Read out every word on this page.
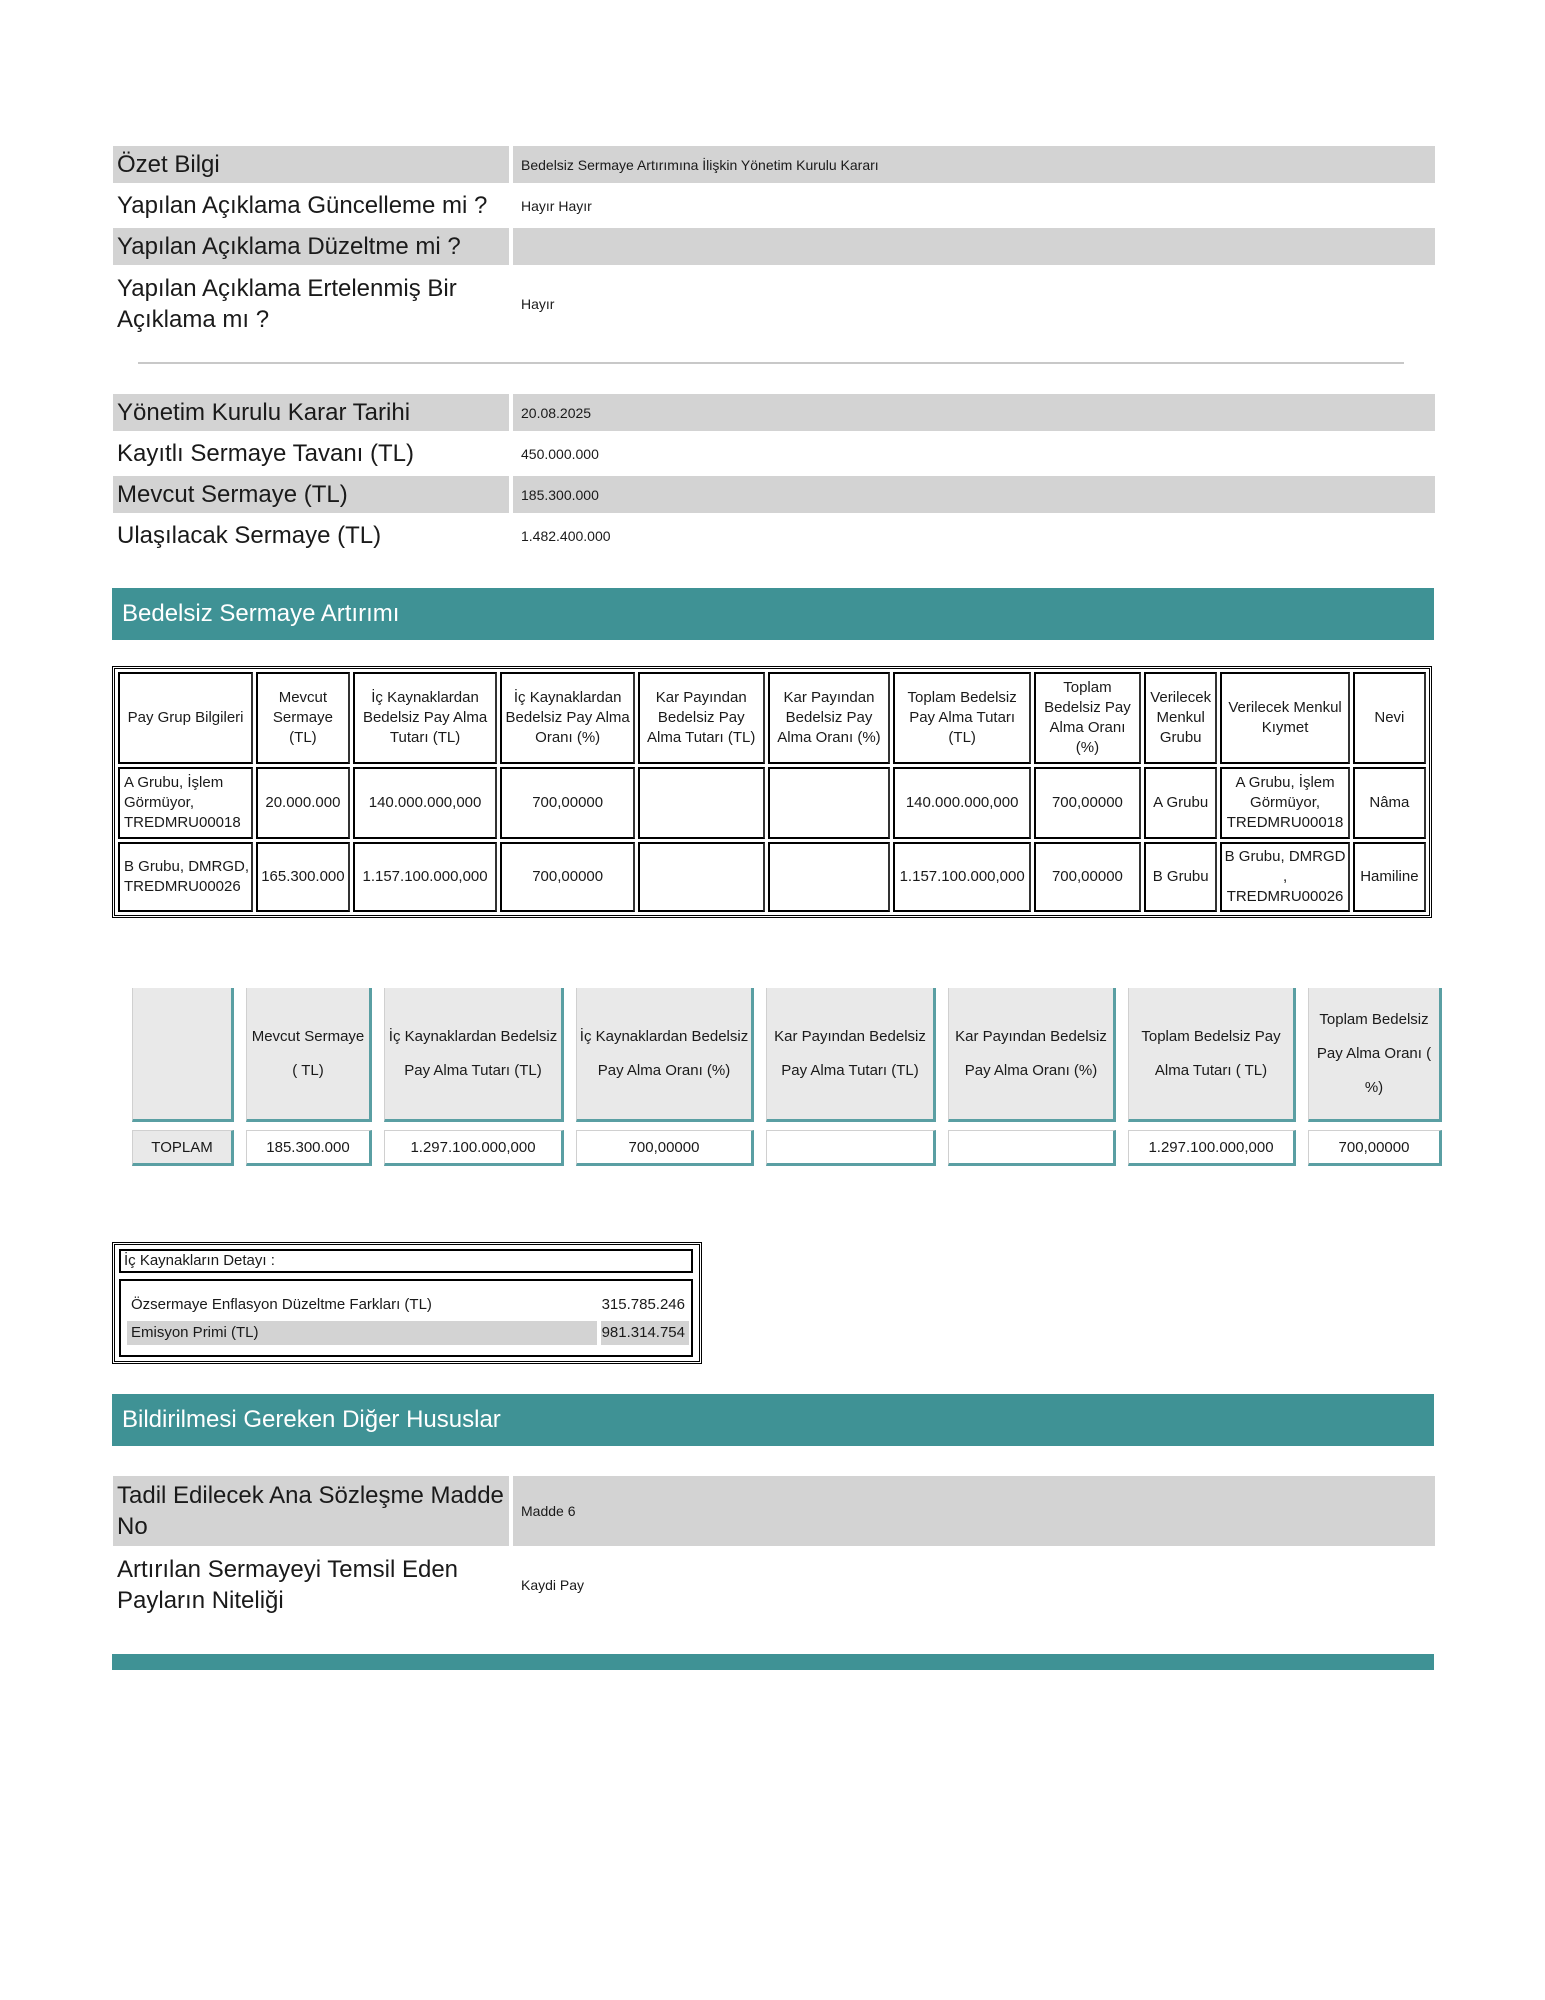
Özet Bilgi		Bedelsiz Sermaye Artırımına İlişkin Yönetim Kurulu Kararı
Yapılan Açıklama Güncelleme mi ?		Hayır Hayır
Yapılan Açıklama Düzeltme mi ?		
Yapılan Açıklama Ertelenmiş Bir Açıklama mı ?		Hayır
Yönetim Kurulu Karar Tarihi		20.08.2025
Kayıtlı Sermaye Tavanı (TL)		450.000.000
Mevcut Sermaye (TL)		185.300.000
Ulaşılacak Sermaye (TL)		1.482.400.000
Bedelsiz Sermaye Artırımı
Pay Grup Bilgileri	Mevcut Sermaye (TL)	İç Kaynaklardan Bedelsiz Pay Alma Tutarı (TL)	İç Kaynaklardan Bedelsiz Pay Alma Oranı (%)	Kar Payından Bedelsiz Pay Alma Tutarı (TL)	Kar Payından Bedelsiz Pay Alma Oranı (%)	Toplam Bedelsiz Pay Alma Tutarı (TL)	Toplam Bedelsiz Pay Alma Oranı (%)	Verilecek Menkul Grubu	Verilecek Menkul Kıymet	Nevi
A Grubu, İşlem Görmüyor, TREDMRU00018	20.000.000	140.000.000,000	700,00000			140.000.000,000	700,00000	A Grubu	A Grubu, İşlem Görmüyor, TREDMRU00018	Nâma
B Grubu, DMRGD, TREDMRU00026	165.300.000	1.157.100.000,000	700,00000			1.157.100.000,000	700,00000	B Grubu	B Grubu, DMRGD , TREDMRU00026	Hamiline
	Mevcut Sermaye ( TL)	İç Kaynaklardan Bedelsiz Pay Alma Tutarı (TL)	İç Kaynaklardan Bedelsiz Pay Alma Oranı (%)	Kar Payından Bedelsiz Pay Alma Tutarı (TL)	Kar Payından Bedelsiz Pay Alma Oranı (%)	Toplam Bedelsiz Pay Alma Tutarı ( TL)	Toplam Bedelsiz Pay Alma Oranı ( %)
TOPLAM	185.300.000	1.297.100.000,000	700,00000			1.297.100.000,000	700,00000
İç Kaynakların Detayı :
Özsermaye Enflasyon Düzeltme Farkları (TL)	315.785.246
Emisyon Primi (TL)	981.314.754
Bildirilmesi Gereken Diğer Hususlar
Tadil Edilecek Ana Sözleşme Madde No		Madde 6
Artırılan Sermayeyi Temsil Eden Payların Niteliği		Kaydi Pay
